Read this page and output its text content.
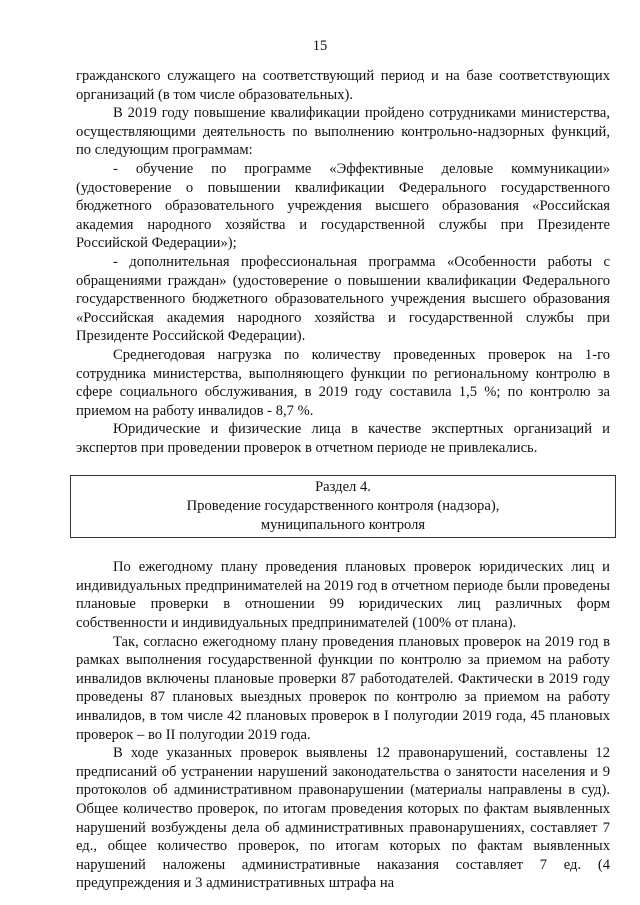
15

гражданского служащего на соответствующий период и на базе соответствующих организаций (в том числе образовательных).

В 2019 году повышение квалификации пройдено сотрудниками министерства, осуществляющими деятельность по выполнению контрольно-надзорных функций, по следующим программам:

- обучение по программе «Эффективные деловые коммуникации» (удостоверение о повышении квалификации Федерального государственного бюджетного образовательного учреждения высшего образования «Российская академия народного хозяйства и государственной службы при Президенте Российской Федерации»);

- дополнительная профессиональная программа «Особенности работы с обращениями граждан» (удостоверение о повышении квалификации Федерального государственного бюджетного образовательного учреждения высшего образования «Российская академия народного хозяйства и государственной службы при Президенте Российской Федерации).

Среднегодовая нагрузка по количеству проведенных проверок на 1-го сотрудника министерства, выполняющего функции по региональному контролю в сфере социального обслуживания, в 2019 году составила 1,5 %; по контролю за приемом на работу инвалидов - 8,7 %.

Юридические и физические лица в качестве экспертных организаций и экспертов при проведении проверок в отчетном периоде не привлекались.

Раздел 4.
Проведение государственного контроля (надзора),
муниципального контроля

По ежегодному плану проведения плановых проверок юридических лиц и индивидуальных предпринимателей на 2019 год в отчетном периоде были проведены плановые проверки в отношении 99 юридических лиц различных форм собственности и индивидуальных предпринимателей (100% от плана).

Так, согласно ежегодному плану проведения плановых проверок на 2019 год в рамках выполнения государственной функции по контролю за приемом на работу инвалидов включены плановые проверки 87 работодателей. Фактически в 2019 году проведены 87 плановых выездных проверок по контролю за приемом на работу инвалидов, в том числе 42 плановых проверок в I полугодии 2019 года, 45 плановых проверок – во II полугодии 2019 года.

В ходе указанных проверок выявлены 12 правонарушений, составлены 12 предписаний об устранении нарушений законодательства о занятости населения и 9 протоколов об административном правонарушении (материалы направлены в суд). Общее количество проверок, по итогам проведения которых по фактам выявленных нарушений возбуждены дела об административных правонарушениях, составляет 7 ед., общее количество проверок, по итогам которых по фактам выявленных нарушений наложены административные наказания составляет 7 ед. (4 предупреждения и 3 административных штрафа на
